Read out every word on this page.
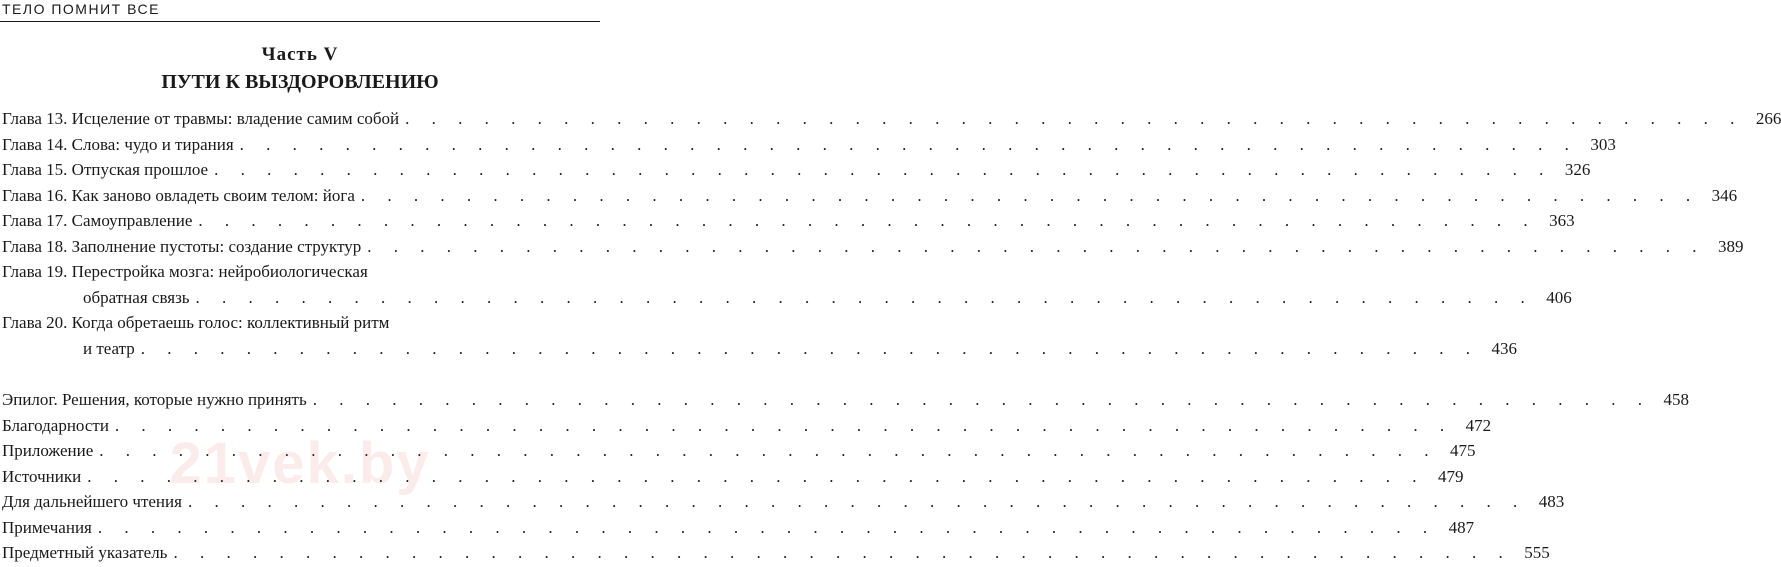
ТЕЛО ПОМНИТ ВСЕ
Часть V
ПУТИ К ВЫЗДОРОВЛЕНИЮ
Глава 13. Исцеление от травмы: владение самим собой . . . . . . . . . . . . . . . . . . . . . . . . . . . . . . . . . . . . . . . . . . . . . . . . . . . 266
Глава 14. Слова: чудо и тирания . . . . . . . . . . . . . . . . . . . . . . . . . . . . . . . . . . . . . . . . . . . . . . . . . . . 303
Глава 15. Отпуская прошлое . . . . . . . . . . . . . . . . . . . . . . . . . . . . . . . . . . . . . . . . . . . . . . . . . . . 326
Глава 16. Как заново овладеть своим телом: йога . . . . . . . . . . . . . . . . . . . . . . . . . . . . . . . . . . . . . . . . . . . . . . . . . . . 346
Глава 17. Самоуправление . . . . . . . . . . . . . . . . . . . . . . . . . . . . . . . . . . . . . . . . . . . . . . . . . . . 363
Глава 18. Заполнение пустоты: создание структур . . . . . . . . . . . . . . . . . . . . . . . . . . . . . . . . . . . . . . . . . . . . . . . . . . . 389
Глава 19. Перестройка мозга: нейробиологическая
обратная связь . . . . . . . . . . . . . . . . . . . . . . . . . . . . . . . . . . . . . . . . . . . . . . . . . . . 406
Глава 20. Когда обретаешь голос: коллективный ритм
и театр . . . . . . . . . . . . . . . . . . . . . . . . . . . . . . . . . . . . . . . . . . . . . . . . . . . 436
Эпилог. Решения, которые нужно принять . . . . . . . . . . . . . . . . . . . . . . . . . . . . . . . . . . . . . . . . . . . . . . . . . . . 458
Благодарности . . . . . . . . . . . . . . . . . . . . . . . . . . . . . . . . . . . . . . . . . . . . . . . . . . . 472
Приложение . . . . . . . . . . . . . . . . . . . . . . . . . . . . . . . . . . . . . . . . . . . . . . . . . . . 475
Источники . . . . . . . . . . . . . . . . . . . . . . . . . . . . . . . . . . . . . . . . . . . . . . . . . . . 479
Для дальнейшего чтения . . . . . . . . . . . . . . . . . . . . . . . . . . . . . . . . . . . . . . . . . . . . . . . . . . . 483
Примечания . . . . . . . . . . . . . . . . . . . . . . . . . . . . . . . . . . . . . . . . . . . . . . . . . . . 487
Предметный указатель . . . . . . . . . . . . . . . . . . . . . . . . . . . . . . . . . . . . . . . . . . . . . . . . . . . 555
21vek.by
